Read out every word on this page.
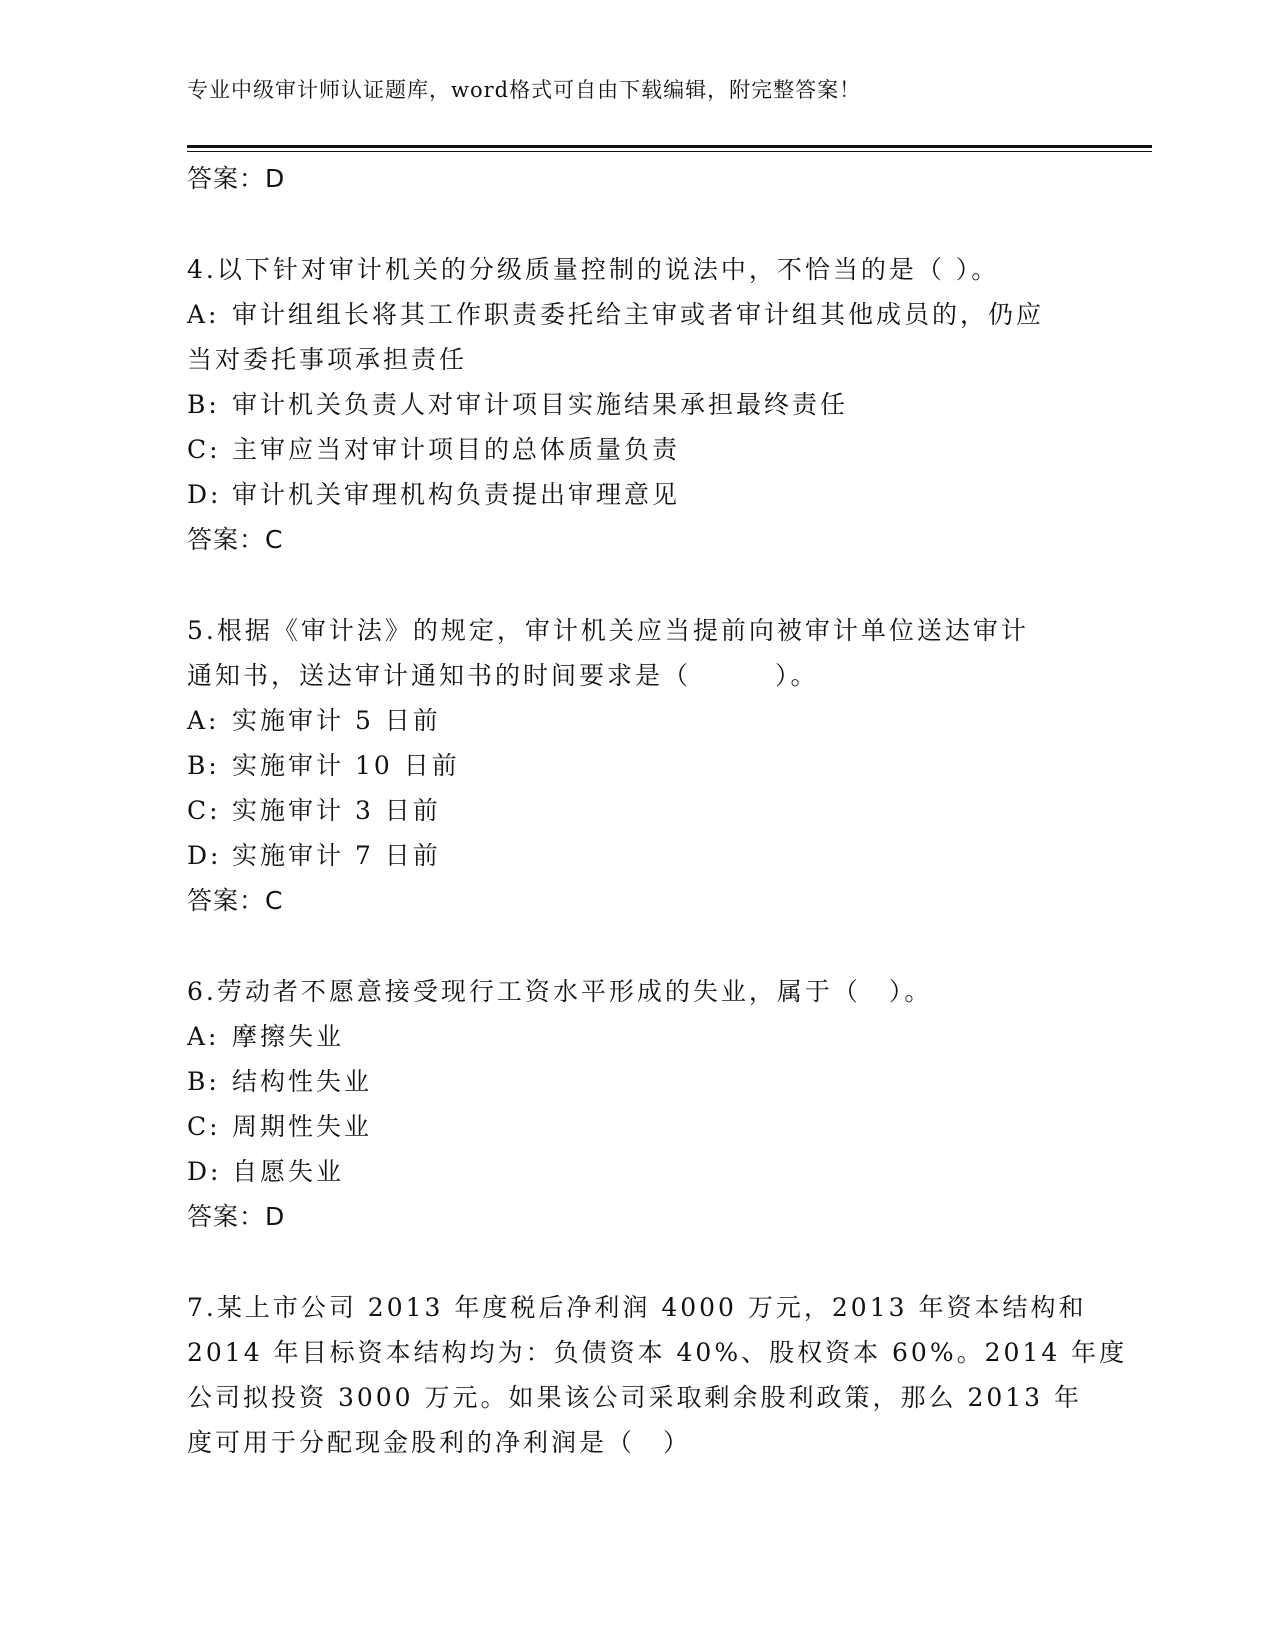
专业中级审计师认证题库，word格式可自由下载编辑，附完整答案！
答案：D
4.以下针对审计机关的分级质量控制的说法中，不恰当的是（ ）。
A: 审计组组长将其工作职责委托给主审或者审计组其他成员的，仍应
当对委托事项承担责任
B: 审计机关负责人对审计项目实施结果承担最终责任
C: 主审应当对审计项目的总体质量负责
D: 审计机关审理机构负责提出审理意见
答案：C
5.根据《审计法》的规定，审计机关应当提前向被审计单位送达审计
通知书，送达审计通知书的时间要求是（　　　）。
A: 实施审计 5 日前
B: 实施审计 10 日前
C: 实施审计 3 日前
D: 实施审计 7 日前
答案：C
6.劳动者不愿意接受现行工资水平形成的失业，属于（　）。
A: 摩擦失业
B: 结构性失业
C: 周期性失业
D: 自愿失业
答案：D
7.某上市公司 2013 年度税后净利润 4000 万元，2013 年资本结构和
2014 年目标资本结构均为：负债资本 40%、股权资本 60%。2014 年度
公司拟投资 3000 万元。如果该公司采取剩余股利政策，那么 2013 年
度可用于分配现金股利的净利润是（　）
